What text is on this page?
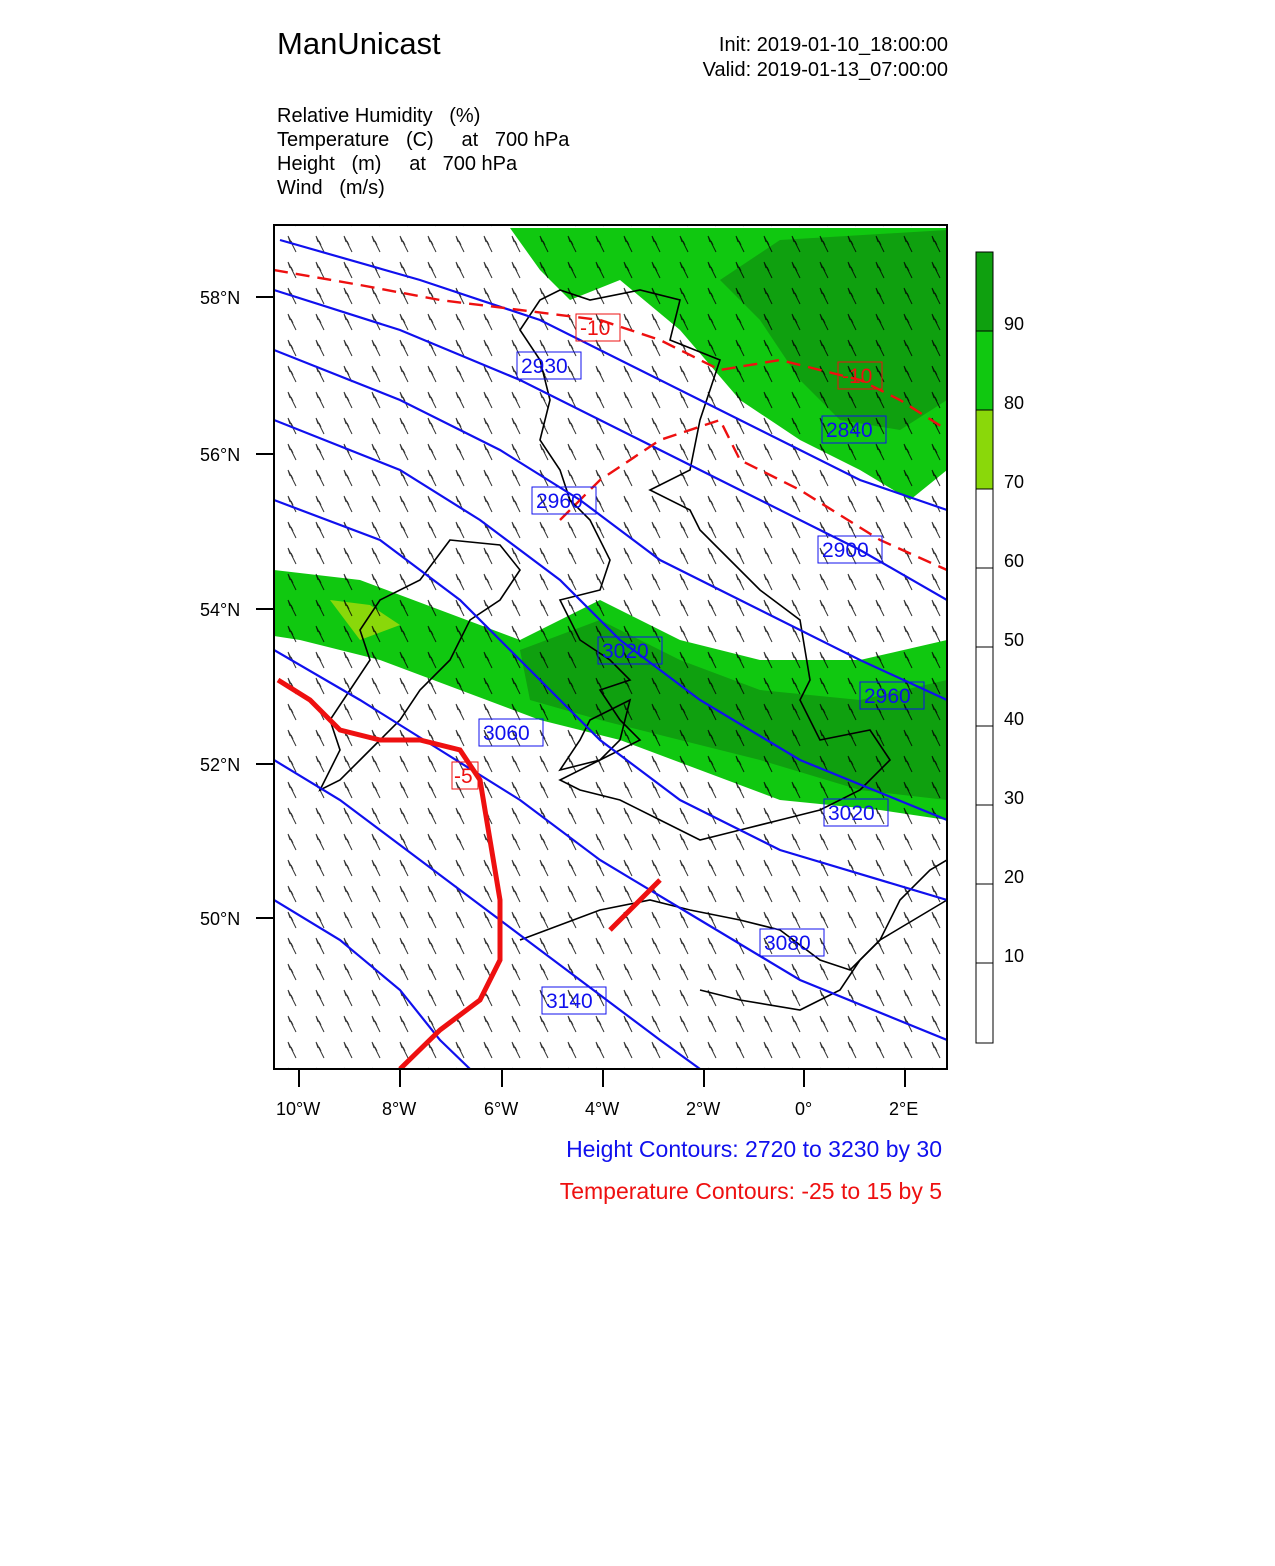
ManUnicast	Init: 2019-01-10_18:00:00
Valid: 2019-01-13_07:00:00
Relative Humidity   (%)
Temperature   (C)     at   700 hPa
Height   (m)     at   700 hPa
Wind   (m/s)
2930
2840
2900
2960
3020
2960
3060
3020
3080
3140
-10
-10
-5
58°N
56°N
54°N
52°N
50°N
10°W	8°W	6°W	4°W	2°W	0°	2°E
90
80
70
60
50
40
30
20
10
Height Contours: 2720 to 3230 by 30
Temperature Contours: -25 to 15 by 5
